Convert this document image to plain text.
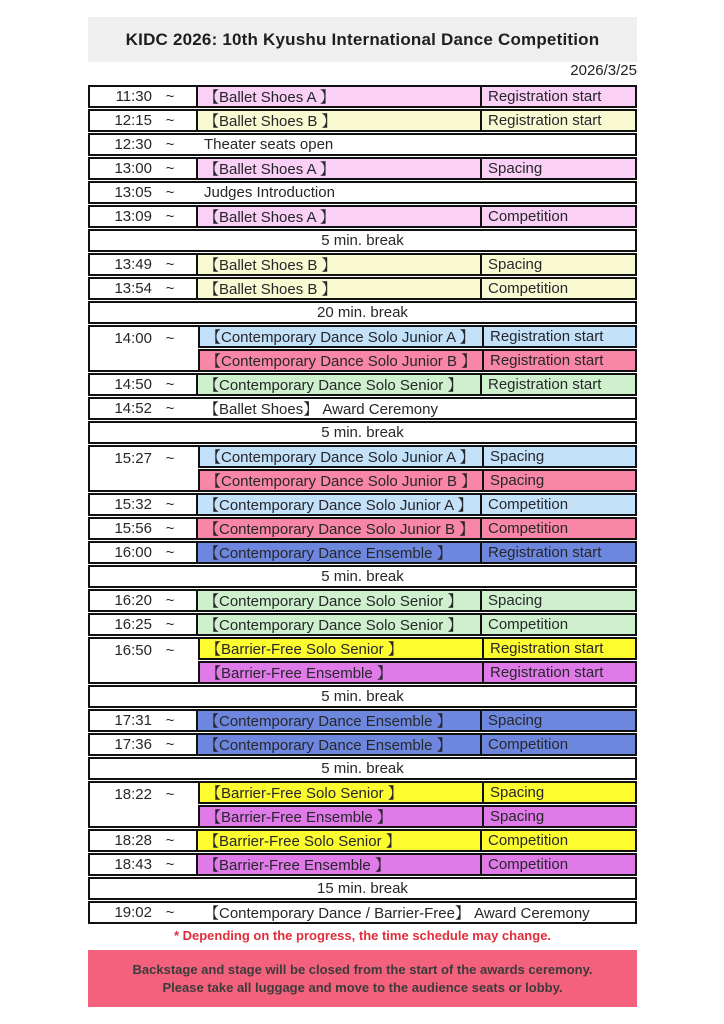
KIDC 2026: 10th Kyushu International Dance Competition
2026/3/25
11:30 ~	【Ballet Shoes A 】	Registration start
12:15 ~	【Ballet Shoes B 】	Registration start
12:30 ~	Theater seats open
13:00 ~	【Ballet Shoes A 】	Spacing
13:05 ~	Judges Introduction
13:09 ~	【Ballet Shoes A 】	Competition
5 min. break
13:49 ~	【Ballet Shoes B 】	Spacing
13:54 ~	【Ballet Shoes B 】	Competition
20 min. break
14:00 ~	【Contemporary Dance Solo Junior A 】	Registration start
【Contemporary Dance Solo Junior B 】 Registration start
14:50 ~	【Contemporary Dance Solo Senior 】	Registration start
14:52 ~	【Ballet Shoes】 Award Ceremony
5 min. break
15:27 ~	【Contemporary Dance Solo Junior A 】	Spacing
【Contemporary Dance Solo Junior B 】 Spacing
15:32 ~	【Contemporary Dance Solo Junior A 】	Competition
15:56 ~	【Contemporary Dance Solo Junior B 】 Competition
16:00 ~	【Contemporary Dance Ensemble 】	Registration start
5 min. break
16:20 ~	【Contemporary Dance Solo Senior 】	Spacing
16:25 ~	【Contemporary Dance Solo Senior 】	Competition
16:50 ~	【Barrier-Free Solo Senior 】	Registration start
【Barrier-Free Ensemble 】	Registration start
5 min. break
17:31 ~	【Contemporary Dance Ensemble 】	Spacing
17:36 ~	【Contemporary Dance Ensemble 】	Competition
5 min. break
18:22 ~	【Barrier-Free Solo Senior 】	Spacing
【Barrier-Free Ensemble 】	Spacing
18:28 ~	【Barrier-Free Solo Senior 】	Competition
18:43 ~	【Barrier-Free Ensemble 】	Competition
15 min. break
19:02 ~	【Contemporary Dance / Barrier-Free】 Award Ceremony
* Depending on the progress, the time schedule may change.
Backstage and stage will be closed from the start of the awards ceremony.
Please take all luggage and move to the audience seats or lobby.
